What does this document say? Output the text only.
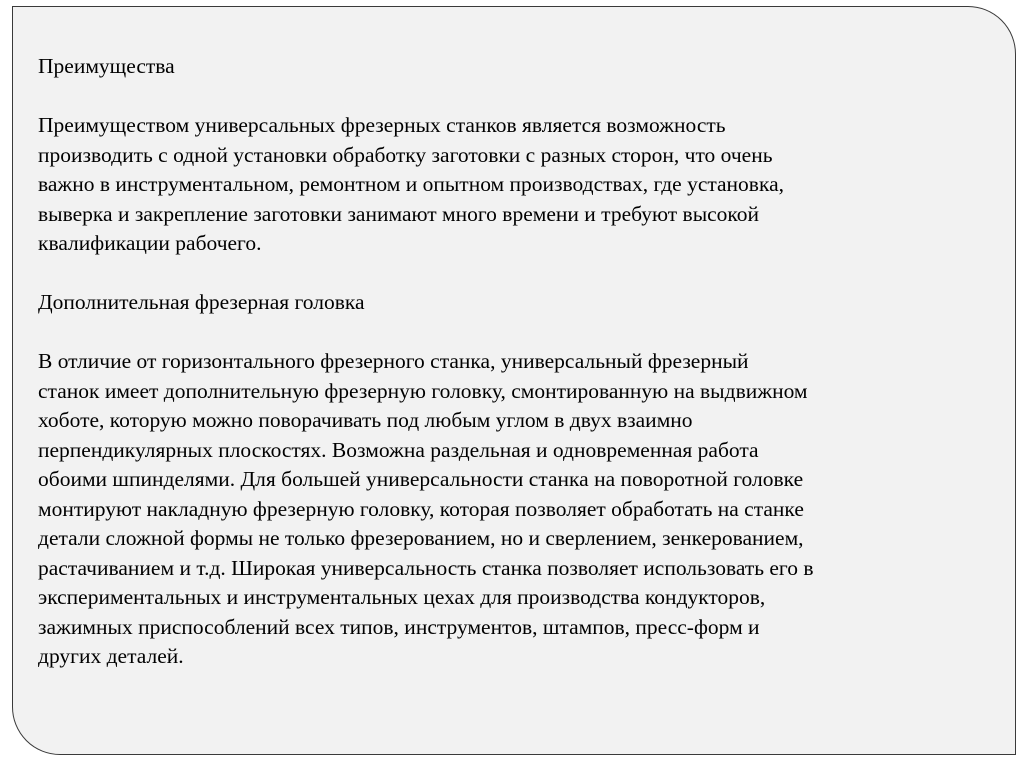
Преимущества

Преимуществом универсальных фрезерных станков является возможность
производить с одной установки обработку заготовки с разных сторон, что очень
важно в инструментальном, ремонтном и опытном производствах, где установка,
выверка и закрепление заготовки занимают много времени и требуют высокой
квалификации рабочего.

Дополнительная фрезерная головка

В отличие от горизонтального фрезерного станка, универсальный фрезерный
станок имеет дополнительную фрезерную головку, смонтированную на выдвижном
хоботе, которую можно поворачивать под любым углом в двух взаимно
перпендикулярных плоскостях. Возможна раздельная и одновременная работа
обоими шпинделями. Для большей универсальности станка на поворотной головке
монтируют накладную фрезерную головку, которая позволяет обработать на станке
детали сложной формы не только фрезерованием, но и сверлением, зенкерованием,
растачиванием и т.д. Широкая универсальность станка позволяет использовать его в
экспериментальных и инструментальных цехах для производства кондукторов,
зажимных приспособлений всех типов, инструментов, штампов, пресс-форм и
других деталей.
